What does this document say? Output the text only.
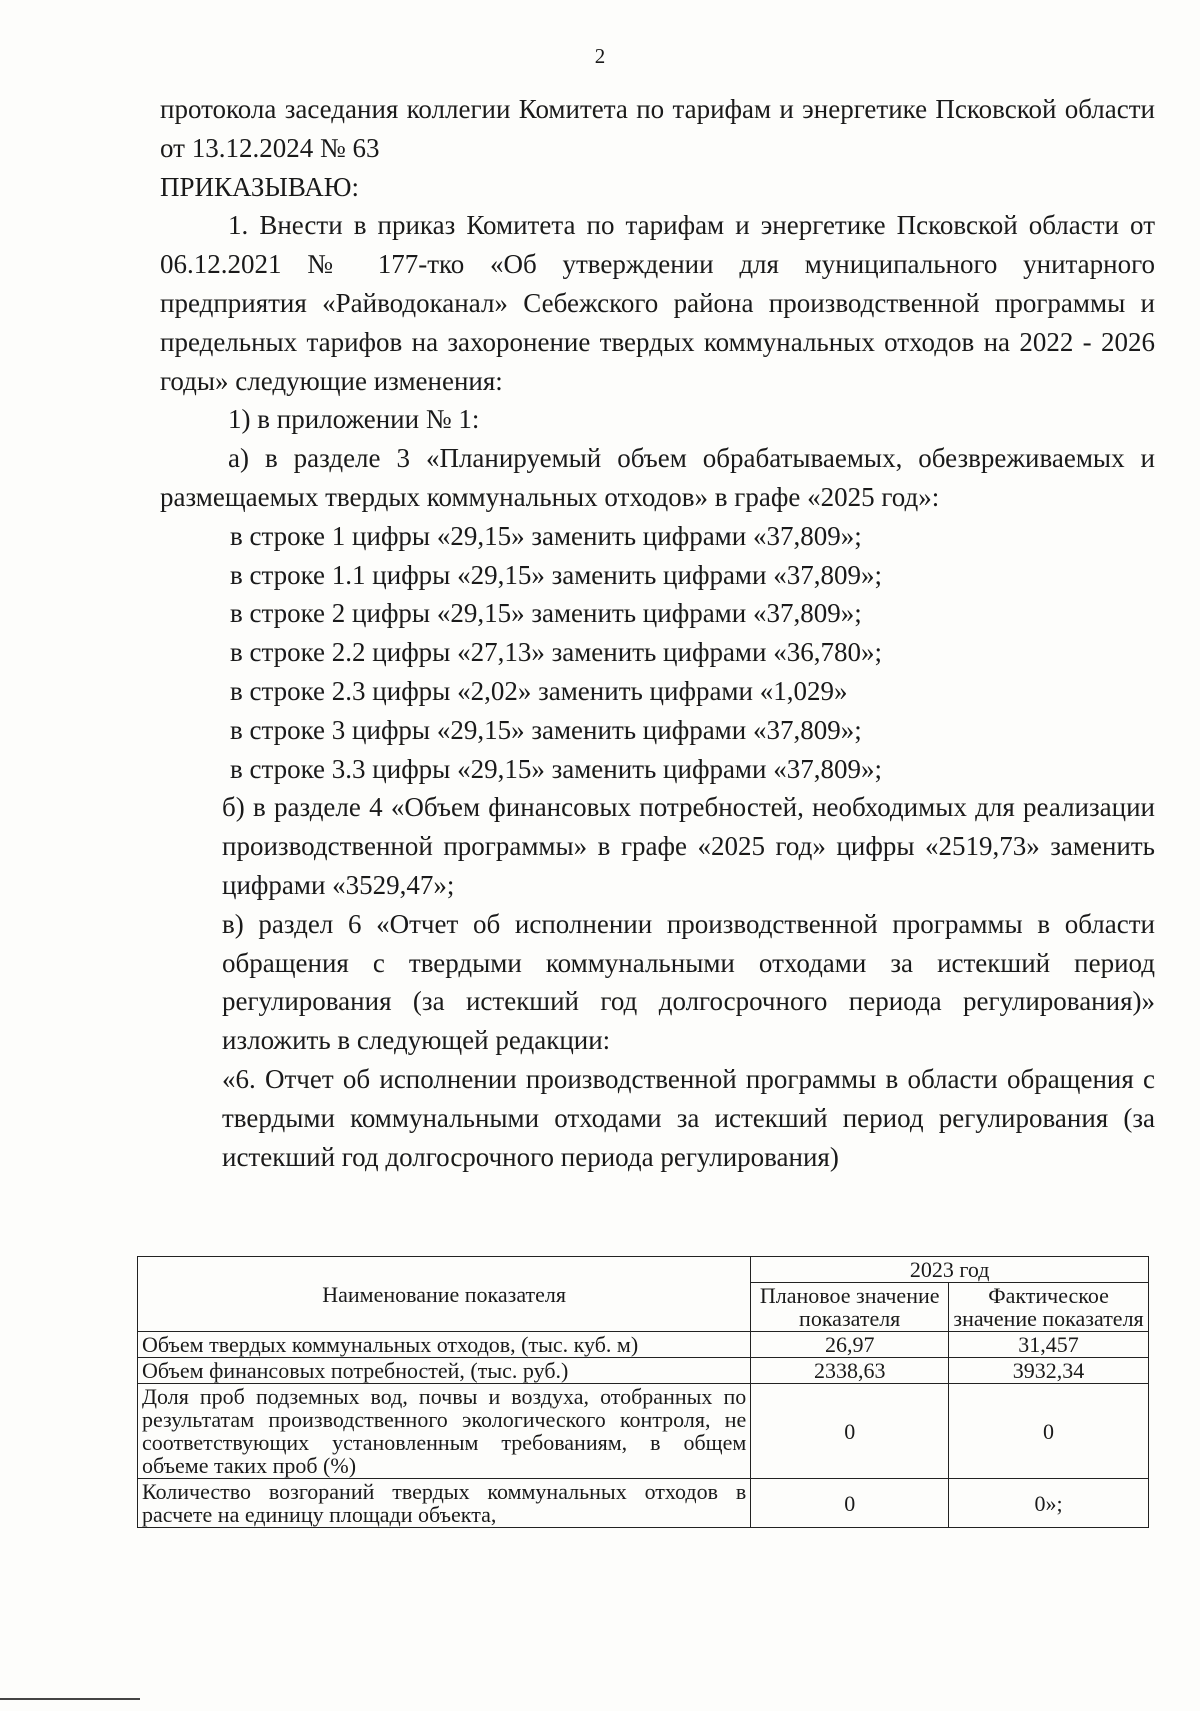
2

протокола заседания коллегии Комитета по тарифам и энергетике Псковской области от 13.12.2024 № 63

ПРИКАЗЫВАЮ:

1. Внести в приказ Комитета по тарифам и энергетике Псковской области от 06.12.2021 № 177-тко «Об утверждении для муниципального унитарного предприятия «Райводоканал» Себежского района производственной программы и предельных тарифов на захоронение твердых коммунальных отходов на 2022 - 2026 годы» следующие изменения:

1) в приложении № 1:

а) в разделе 3 «Планируемый объем обрабатываемых, обезвреживаемых и размещаемых твердых коммунальных отходов» в графе «2025 год»:

в строке 1 цифры «29,15» заменить цифрами «37,809»;

в строке 1.1 цифры «29,15» заменить цифрами «37,809»;

в строке 2 цифры «29,15» заменить цифрами «37,809»;

в строке 2.2 цифры «27,13» заменить цифрами «36,780»;

в строке 2.3 цифры «2,02» заменить цифрами «1,029»

в строке 3 цифры «29,15» заменить цифрами «37,809»;

в строке 3.3 цифры «29,15» заменить цифрами «37,809»;

б) в разделе 4 «Объем финансовых потребностей, необходимых для реализации производственной программы» в графе «2025 год» цифры «2519,73» заменить цифрами «3529,47»;

в) раздел 6 «Отчет об исполнении производственной программы в области обращения с твердыми коммунальными отходами за истекший период регулирования (за истекший год долгосрочного периода регулирования)» изложить в следующей редакции:

«6. Отчет об исполнении производственной программы в области обращения с твердыми коммунальными отходами за истекший период регулирования (за истекший год долгосрочного периода регулирования)

Наименование показателя	2023 год	
	Плановое значение показателя	Фактическое значение показателя
Объем твердых коммунальных отходов, (тыс. куб. м)	26,97	31,457
Объем финансовых потребностей, (тыс. руб.)	2338,63	3932,34
Доля проб подземных вод, почвы и воздуха, отобранных по результатам производственного экологического контроля, не соответствующих установленным требованиям, в общем объеме таких проб (%)	0	0
Количество возгораний твердых коммунальных отходов в расчете на единицу площади объекта,	0	0»;
